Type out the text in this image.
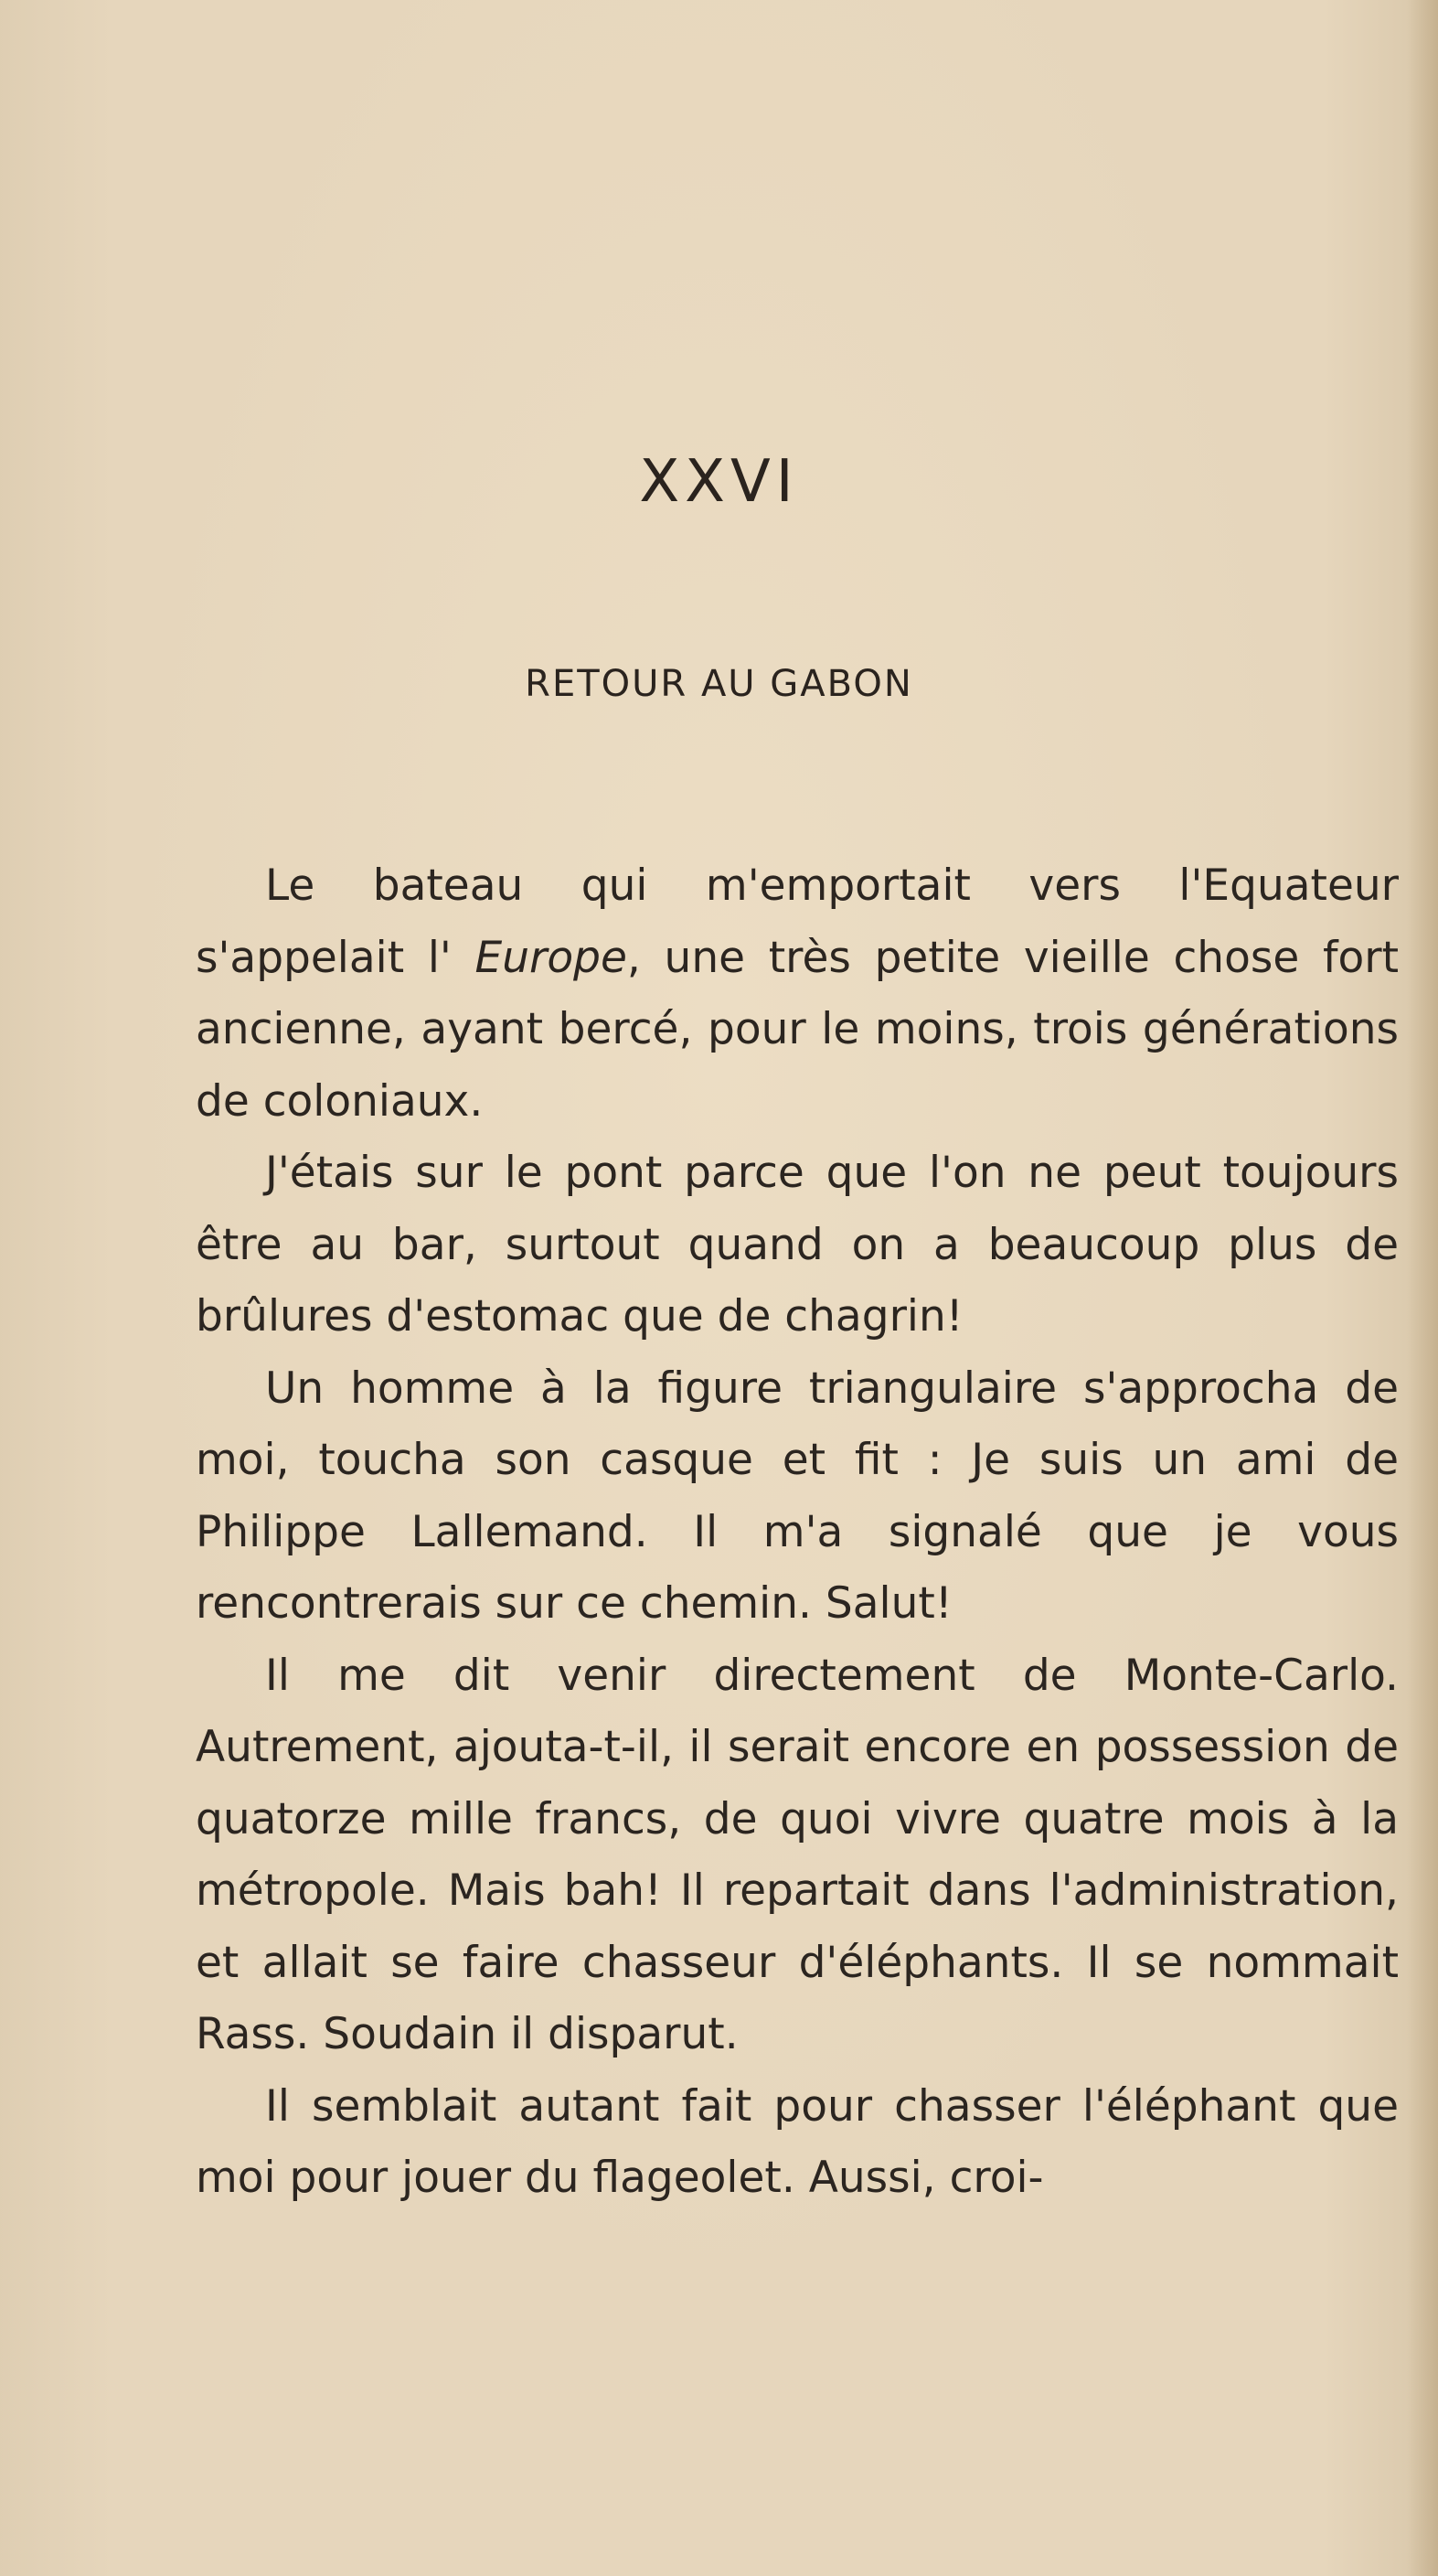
XXVI
RETOUR AU GABON

Le bateau qui m'emportait vers l'Equateur s'appelait l' Europe, une très petite vieille chose fort ancienne, ayant bercé, pour le moins, trois générations de coloniaux.

J'étais sur le pont parce que l'on ne peut toujours être au bar, surtout quand on a beaucoup plus de brûlures d'estomac que de chagrin!

Un homme à la figure triangulaire s'approcha de moi, toucha son casque et fit : Je suis un ami de Philippe Lallemand. Il m'a signalé que je vous rencontrerais sur ce chemin. Salut!

Il me dit venir directement de Monte-Carlo. Autrement, ajouta-t-il, il serait encore en possession de quatorze mille francs, de quoi vivre quatre mois à la métropole. Mais bah! Il repartait dans l'administration, et allait se faire chasseur d'éléphants. Il se nommait Rass. Soudain il disparut.

Il semblait autant fait pour chasser l'éléphant que moi pour jouer du flageolet. Aussi, croi-
